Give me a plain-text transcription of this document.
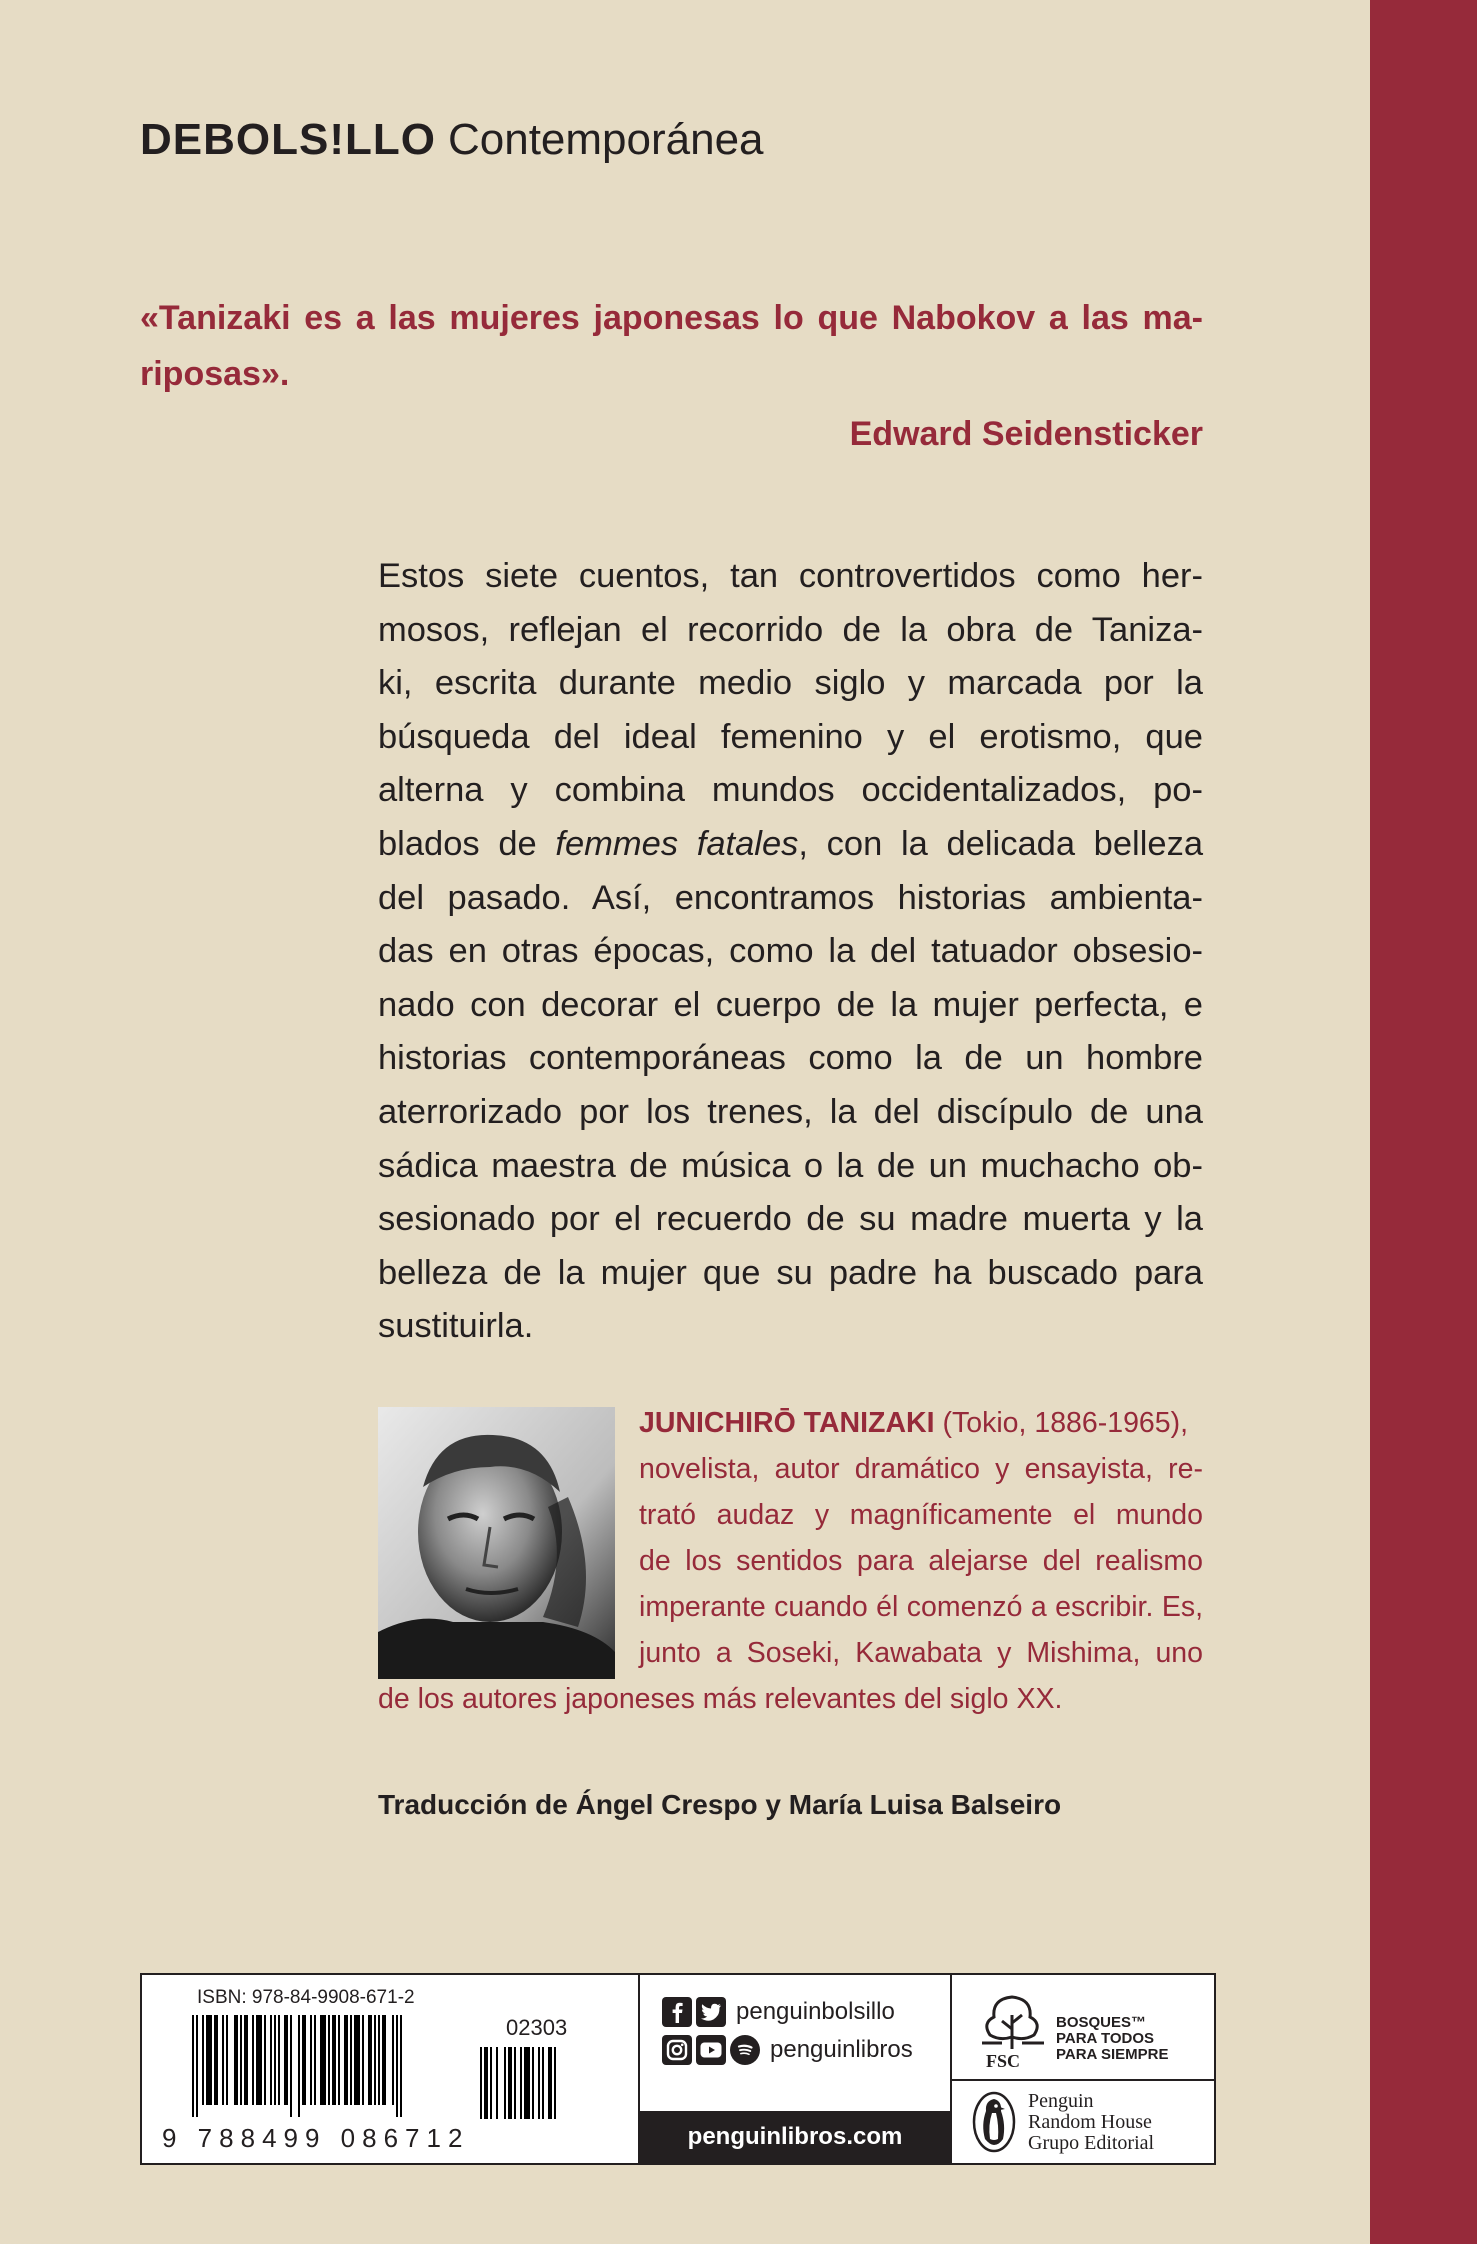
DEBOLS!LLO Contemporánea
«Tanizaki es a las mujeres japonesas lo que Nabokov a las ma-
riposas».
Edward Seidensticker
Estos siete cuentos, tan controvertidos como her-
mosos, reflejan el recorrido de la obra de Taniza-
ki, escrita durante medio siglo y marcada por la
búsqueda del ideal femenino y el erotismo, que
alterna y combina mundos occidentalizados, po-
blados de femmes fatales, con la delicada belleza
del pasado. Así, encontramos historias ambienta-
das en otras épocas, como la del tatuador obsesio-
nado con decorar el cuerpo de la mujer perfecta, e
historias contemporáneas como la de un hombre
aterrorizado por los trenes, la del discípulo de una
sádica maestra de música o la de un muchacho ob-
sesionado por el recuerdo de su madre muerta y la
belleza de la mujer que su padre ha buscado para
sustituirla.
JUNICHIRŌ TANIZAKI (Tokio, 1886-1965),
novelista, autor dramático y ensayista, re-
trató audaz y magníficamente el mundo
de los sentidos para alejarse del realismo
imperante cuando él comenzó a escribir. Es,
junto a Soseki, Kawabata y Mishima, uno
de los autores japoneses más relevantes del siglo XX.
Traducción de Ángel Crespo y María Luisa Balseiro
ISBN: 978-84-9908-671-2
9 788499 086712
02303
penguinbolsillo
penguinlibros
penguinlibros.com
FSC
BOSQUES™
PARA TODOS
PARA SIEMPRE
Penguin
Random House
Grupo Editorial
